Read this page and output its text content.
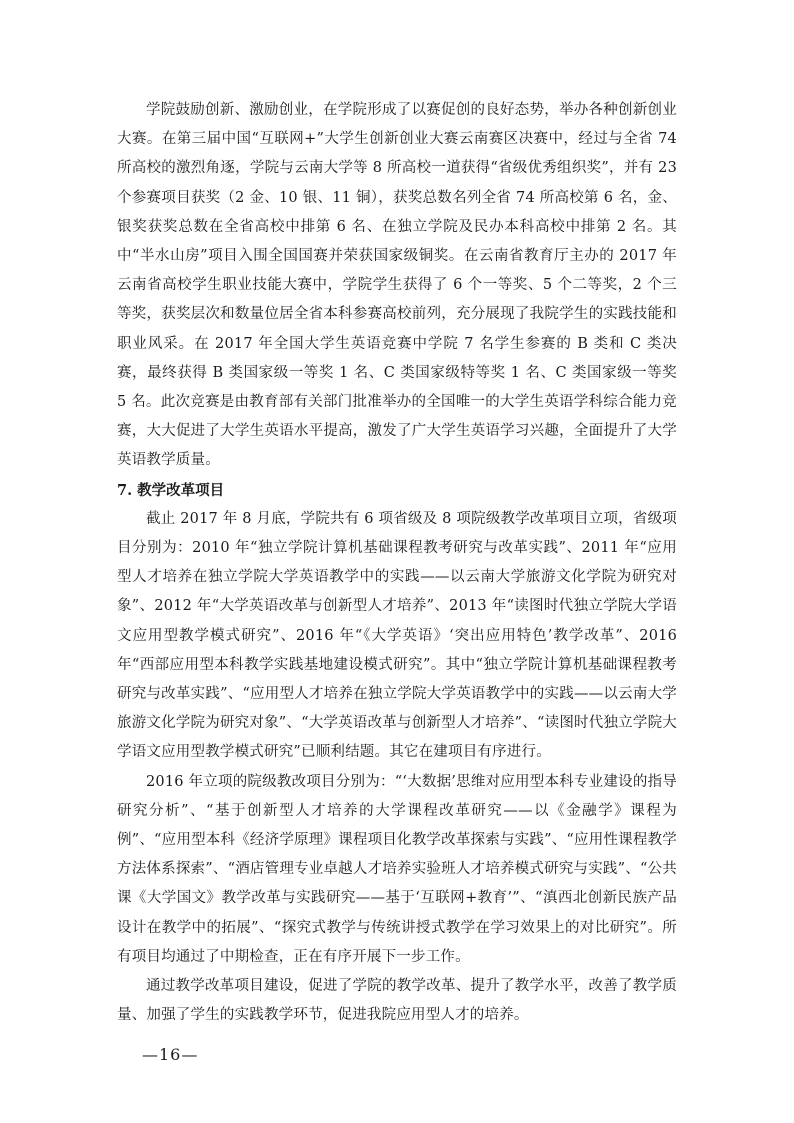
学院鼓励创新、激励创业，在学院形成了以赛促创的良好态势，举办各种创新创业大赛。在第三届中国“互联网+”大学生创新创业大赛云南赛区决赛中，经过与全省 74 所高校的激烈角逐，学院与云南大学等 8 所高校一道获得“省级优秀组织奖”，并有 23 个参赛项目获奖（2 金、10 银、11 铜），获奖总数名列全省 74 所高校第 6 名，金、银奖获奖总数在全省高校中排第 6 名、在独立学院及民办本科高校中排第 2 名。其中“半水山房”项目入围全国国赛并荣获国家级铜奖。在云南省教育厅主办的 2017 年云南省高校学生职业技能大赛中，学院学生获得了 6 个一等奖、5 个二等奖，2 个三等奖，获奖层次和数量位居全省本科参赛高校前列，充分展现了我院学生的实践技能和职业风采。在 2017 年全国大学生英语竞赛中学院 7 名学生参赛的 B 类和 C 类决赛，最终获得 B 类国家级一等奖 1 名、C 类国家级特等奖 1 名、C 类国家级一等奖 5 名。此次竞赛是由教育部有关部门批准举办的全国唯一的大学生英语学科综合能力竞赛，大大促进了大学生英语水平提高，激发了广大学生英语学习兴趣，全面提升了大学英语教学质量。

7. 教学改革项目

截止 2017 年 8 月底，学院共有 6 项省级及 8 项院级教学改革项目立项，省级项目分别为：2010 年“独立学院计算机基础课程教考研究与改革实践”、2011 年“应用型人才培养在独立学院大学英语教学中的实践——以云南大学旅游文化学院为研究对象”、2012 年“大学英语改革与创新型人才培养”、2013 年“读图时代独立学院大学语文应用型教学模式研究”、2016 年“《大学英语》‘突出应用特色’教学改革”、2016 年“西部应用型本科教学实践基地建设模式研究”。其中“独立学院计算机基础课程教考研究与改革实践”、“应用型人才培养在独立学院大学英语教学中的实践——以云南大学旅游文化学院为研究对象”、“大学英语改革与创新型人才培养”、“读图时代独立学院大学语文应用型教学模式研究”已顺利结题。其它在建项目有序进行。

2016 年立项的院级教改项目分别为：“‘大数据’思维对应用型本科专业建设的指导研究分析”、“基于创新型人才培养的大学课程改革研究——以《金融学》课程为例”、“应用型本科《经济学原理》课程项目化教学改革探索与实践”、“应用性课程教学方法体系探索”、“酒店管理专业卓越人才培养实验班人才培养模式研究与实践”、“公共课《大学国文》教学改革与实践研究——基于‘互联网+教育’”、“滇西北创新民族产品设计在教学中的拓展”、“探究式教学与传统讲授式教学在学习效果上的对比研究”。所有项目均通过了中期检查，正在有序开展下一步工作。

通过教学改革项目建设，促进了学院的教学改革、提升了教学水平，改善了教学质量、加强了学生的实践教学环节，促进我院应用型人才的培养。

—16—
